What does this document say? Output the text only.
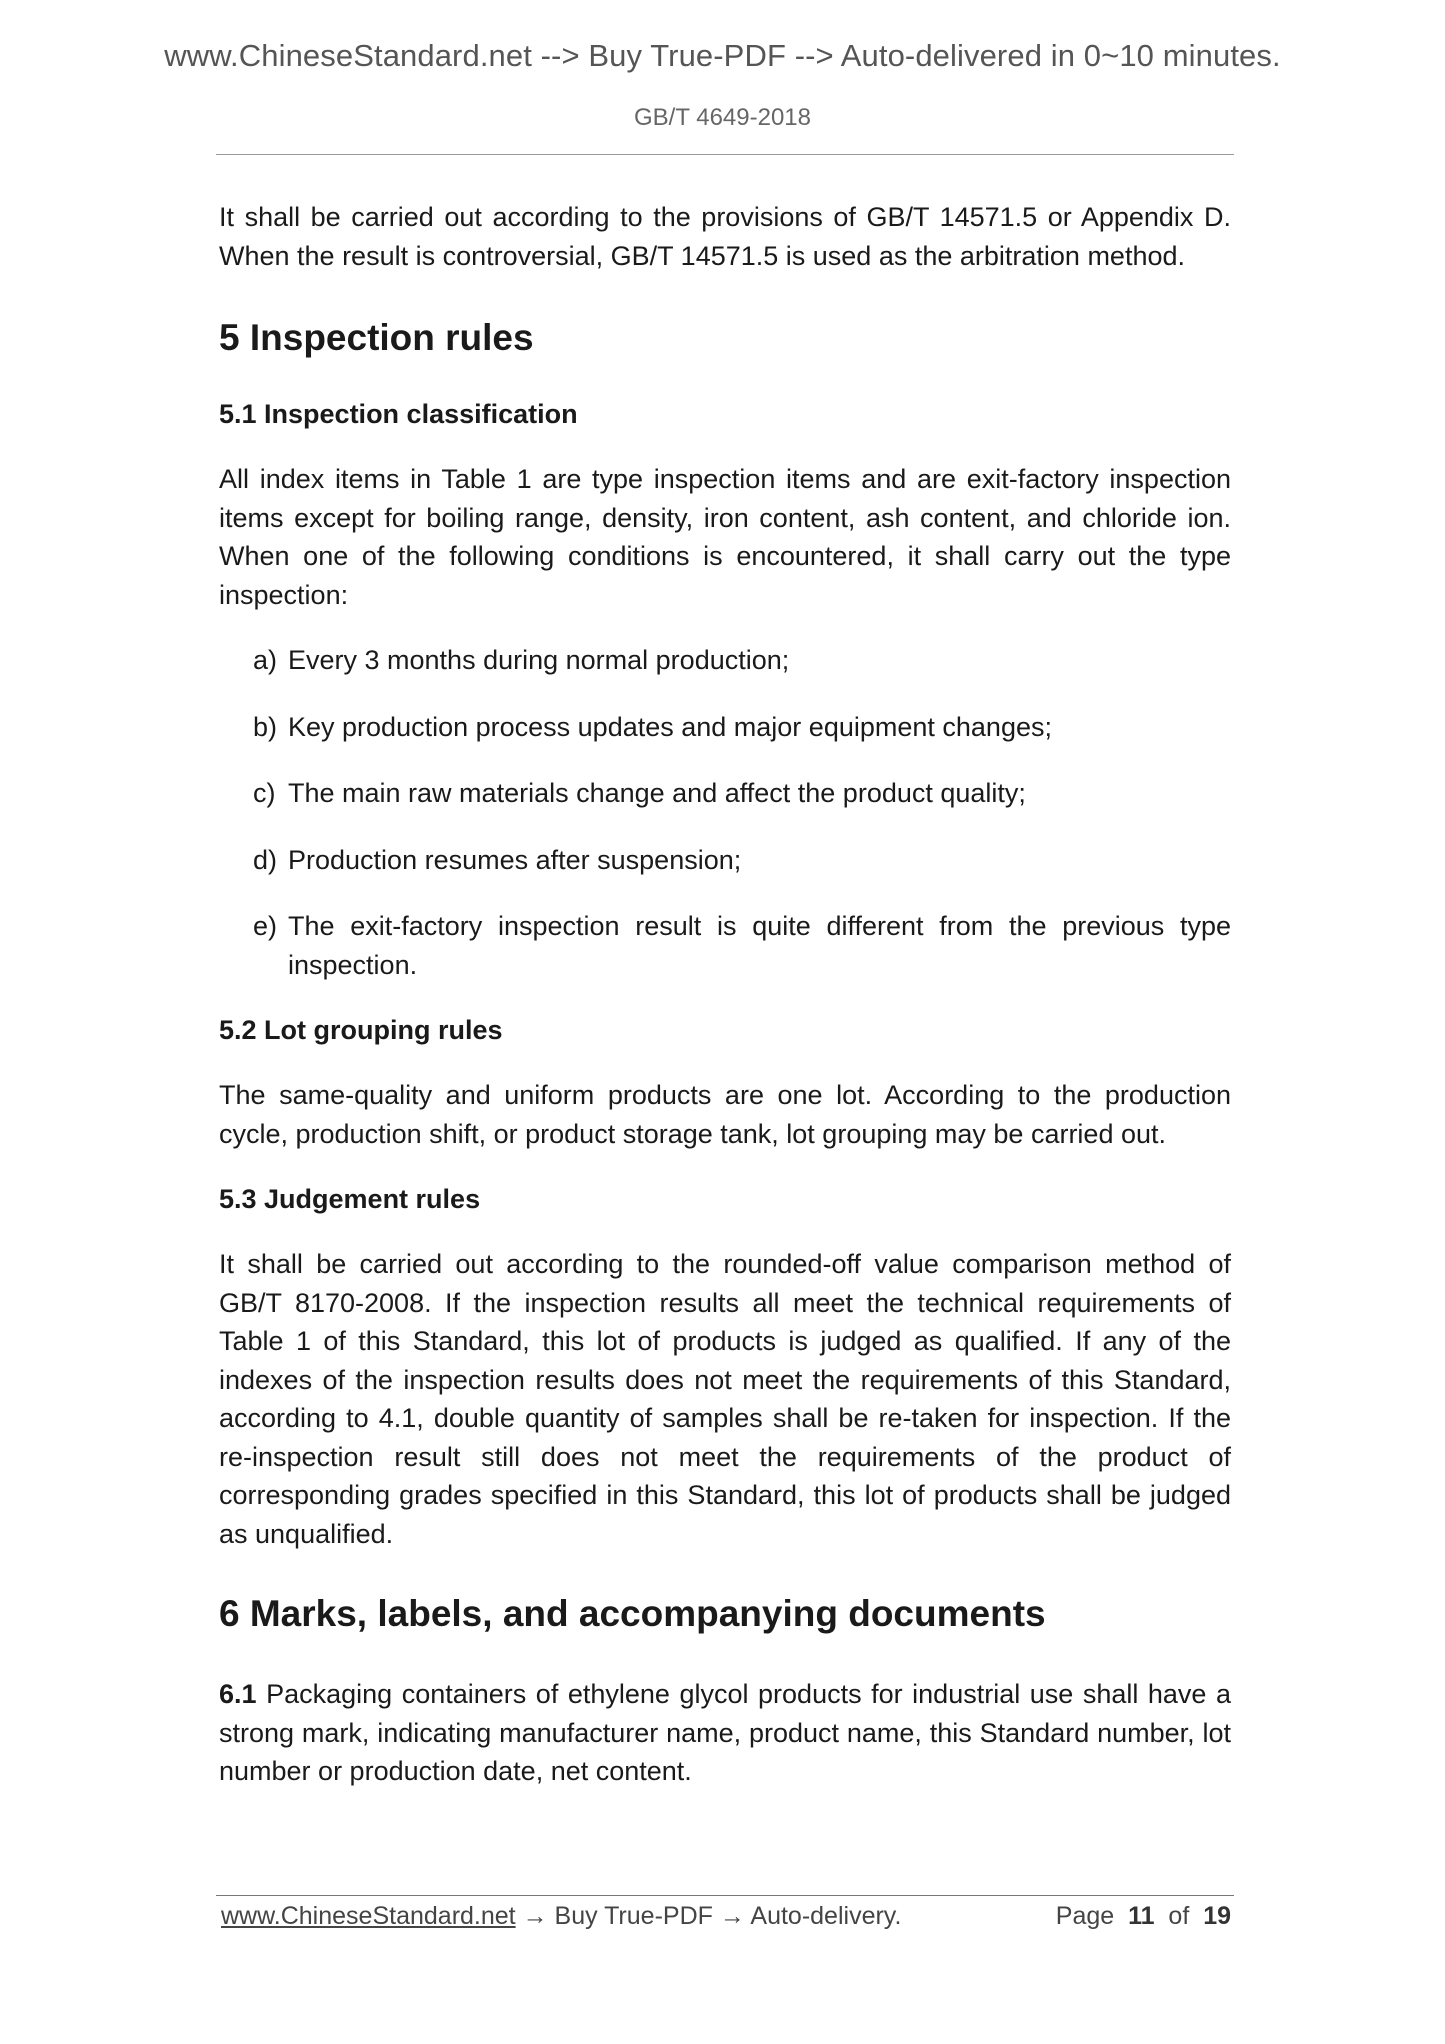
www.ChineseStandard.net --> Buy True-PDF --> Auto-delivered in 0~10 minutes.
GB/T 4649-2018

It shall be carried out according to the provisions of GB/T 14571.5 or Appendix D. When the result is controversial, GB/T 14571.5 is used as the arbitration method.

5 Inspection rules
5.1 Inspection classification

All index items in Table 1 are type inspection items and are exit-factory inspection items except for boiling range, density, iron content, ash content, and chloride ion. When one of the following conditions is encountered, it shall carry out the type inspection:

a) Every 3 months during normal production;
b) Key production process updates and major equipment changes;
c) The main raw materials change and affect the product quality;
d) Production resumes after suspension;
e) The exit-factory inspection result is quite different from the previous type inspection.
5.2 Lot grouping rules

The same-quality and uniform products are one lot. According to the production cycle, production shift, or product storage tank, lot grouping may be carried out.

5.3 Judgement rules

It shall be carried out according to the rounded-off value comparison method of GB/T 8170-2008. If the inspection results all meet the technical requirements of Table 1 of this Standard, this lot of products is judged as qualified. If any of the indexes of the inspection results does not meet the requirements of this Standard, according to 4.1, double quantity of samples shall be re-taken for inspection. If the re-inspection result still does not meet the requirements of the product of corresponding grades specified in this Standard, this lot of products shall be judged as unqualified.

6 Marks, labels, and accompanying documents

6.1 Packaging containers of ethylene glycol products for industrial use shall have a strong mark, indicating manufacturer name, product name, this Standard number, lot number or production date, net content.

www.ChineseStandard.net → Buy True-PDF → Auto-delivery.	Page 11 of 19
